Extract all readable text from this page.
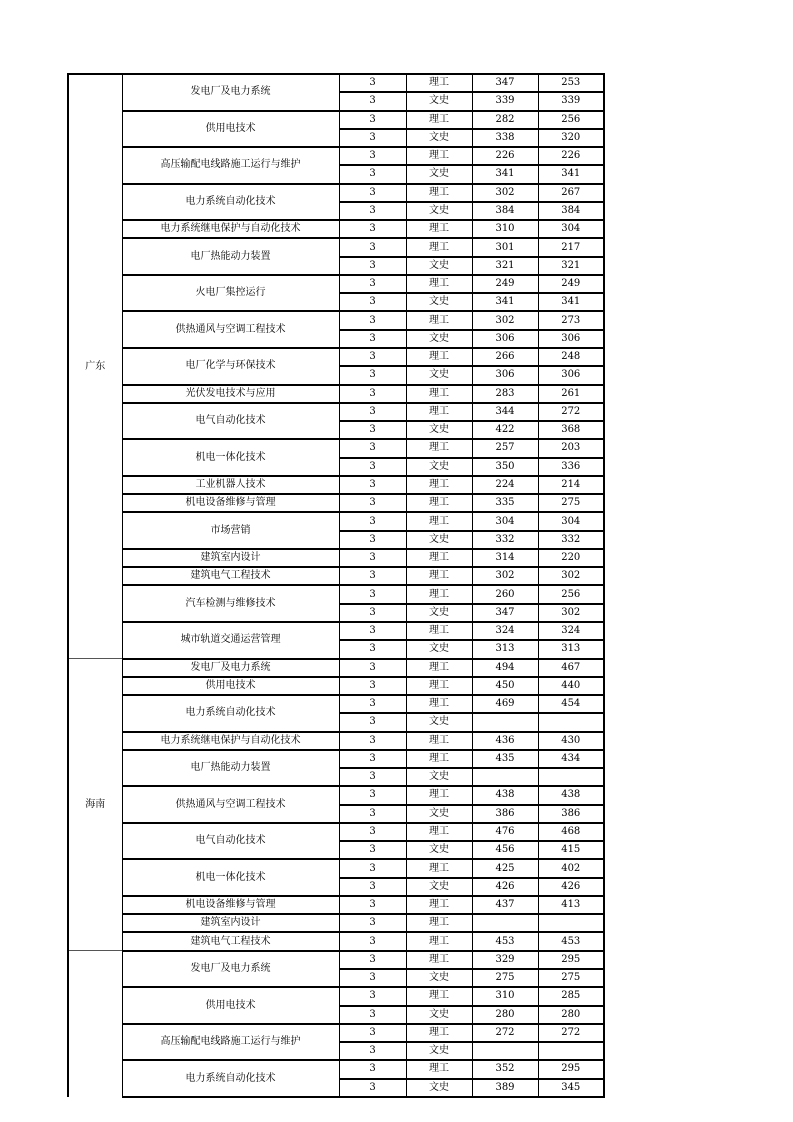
广东	发电厂及电力系统	3	理工	347	253
		3	文史	339	339
	供用电技术	3	理工	282	256
		3	文史	338	320
	高压输配电线路施工运行与维护	3	理工	226	226
		3	文史	341	341
	电力系统自动化技术	3	理工	302	267
		3	文史	384	384
	电力系统继电保护与自动化技术	3	理工	310	304
	电厂热能动力装置	3	理工	301	217
		3	文史	321	321
	火电厂集控运行	3	理工	249	249
		3	文史	341	341
	供热通风与空调工程技术	3	理工	302	273
		3	文史	306	306
	电厂化学与环保技术	3	理工	266	248
		3	文史	306	306
	光伏发电技术与应用	3	理工	283	261
	电气自动化技术	3	理工	344	272
		3	文史	422	368
	机电一体化技术	3	理工	257	203
		3	文史	350	336
	工业机器人技术	3	理工	224	214
	机电设备维修与管理	3	理工	335	275
	市场营销	3	理工	304	304
		3	文史	332	332
	建筑室内设计	3	理工	314	220
	建筑电气工程技术	3	理工	302	302
	汽车检测与维修技术	3	理工	260	256
		3	文史	347	302
	城市轨道交通运营管理	3	理工	324	324
		3	文史	313	313
海南	发电厂及电力系统	3	理工	494	467
	供用电技术	3	理工	450	440
	电力系统自动化技术	3	理工	469	454
		3	文史		
	电力系统继电保护与自动化技术	3	理工	436	430
	电厂热能动力装置	3	理工	435	434
		3	文史		
	供热通风与空调工程技术	3	理工	438	438
		3	文史	386	386
	电气自动化技术	3	理工	476	468
		3	文史	456	415
	机电一体化技术	3	理工	425	402
		3	文史	426	426
	机电设备维修与管理	3	理工	437	413
	建筑室内设计	3	理工		
	建筑电气工程技术	3	理工	453	453
	发电厂及电力系统	3	理工	329	295
		3	文史	275	275
	供用电技术	3	理工	310	285
		3	文史	280	280
	高压输配电线路施工运行与维护	3	理工	272	272
		3	文史		
	电力系统自动化技术	3	理工	352	295
		3	文史	389	345
